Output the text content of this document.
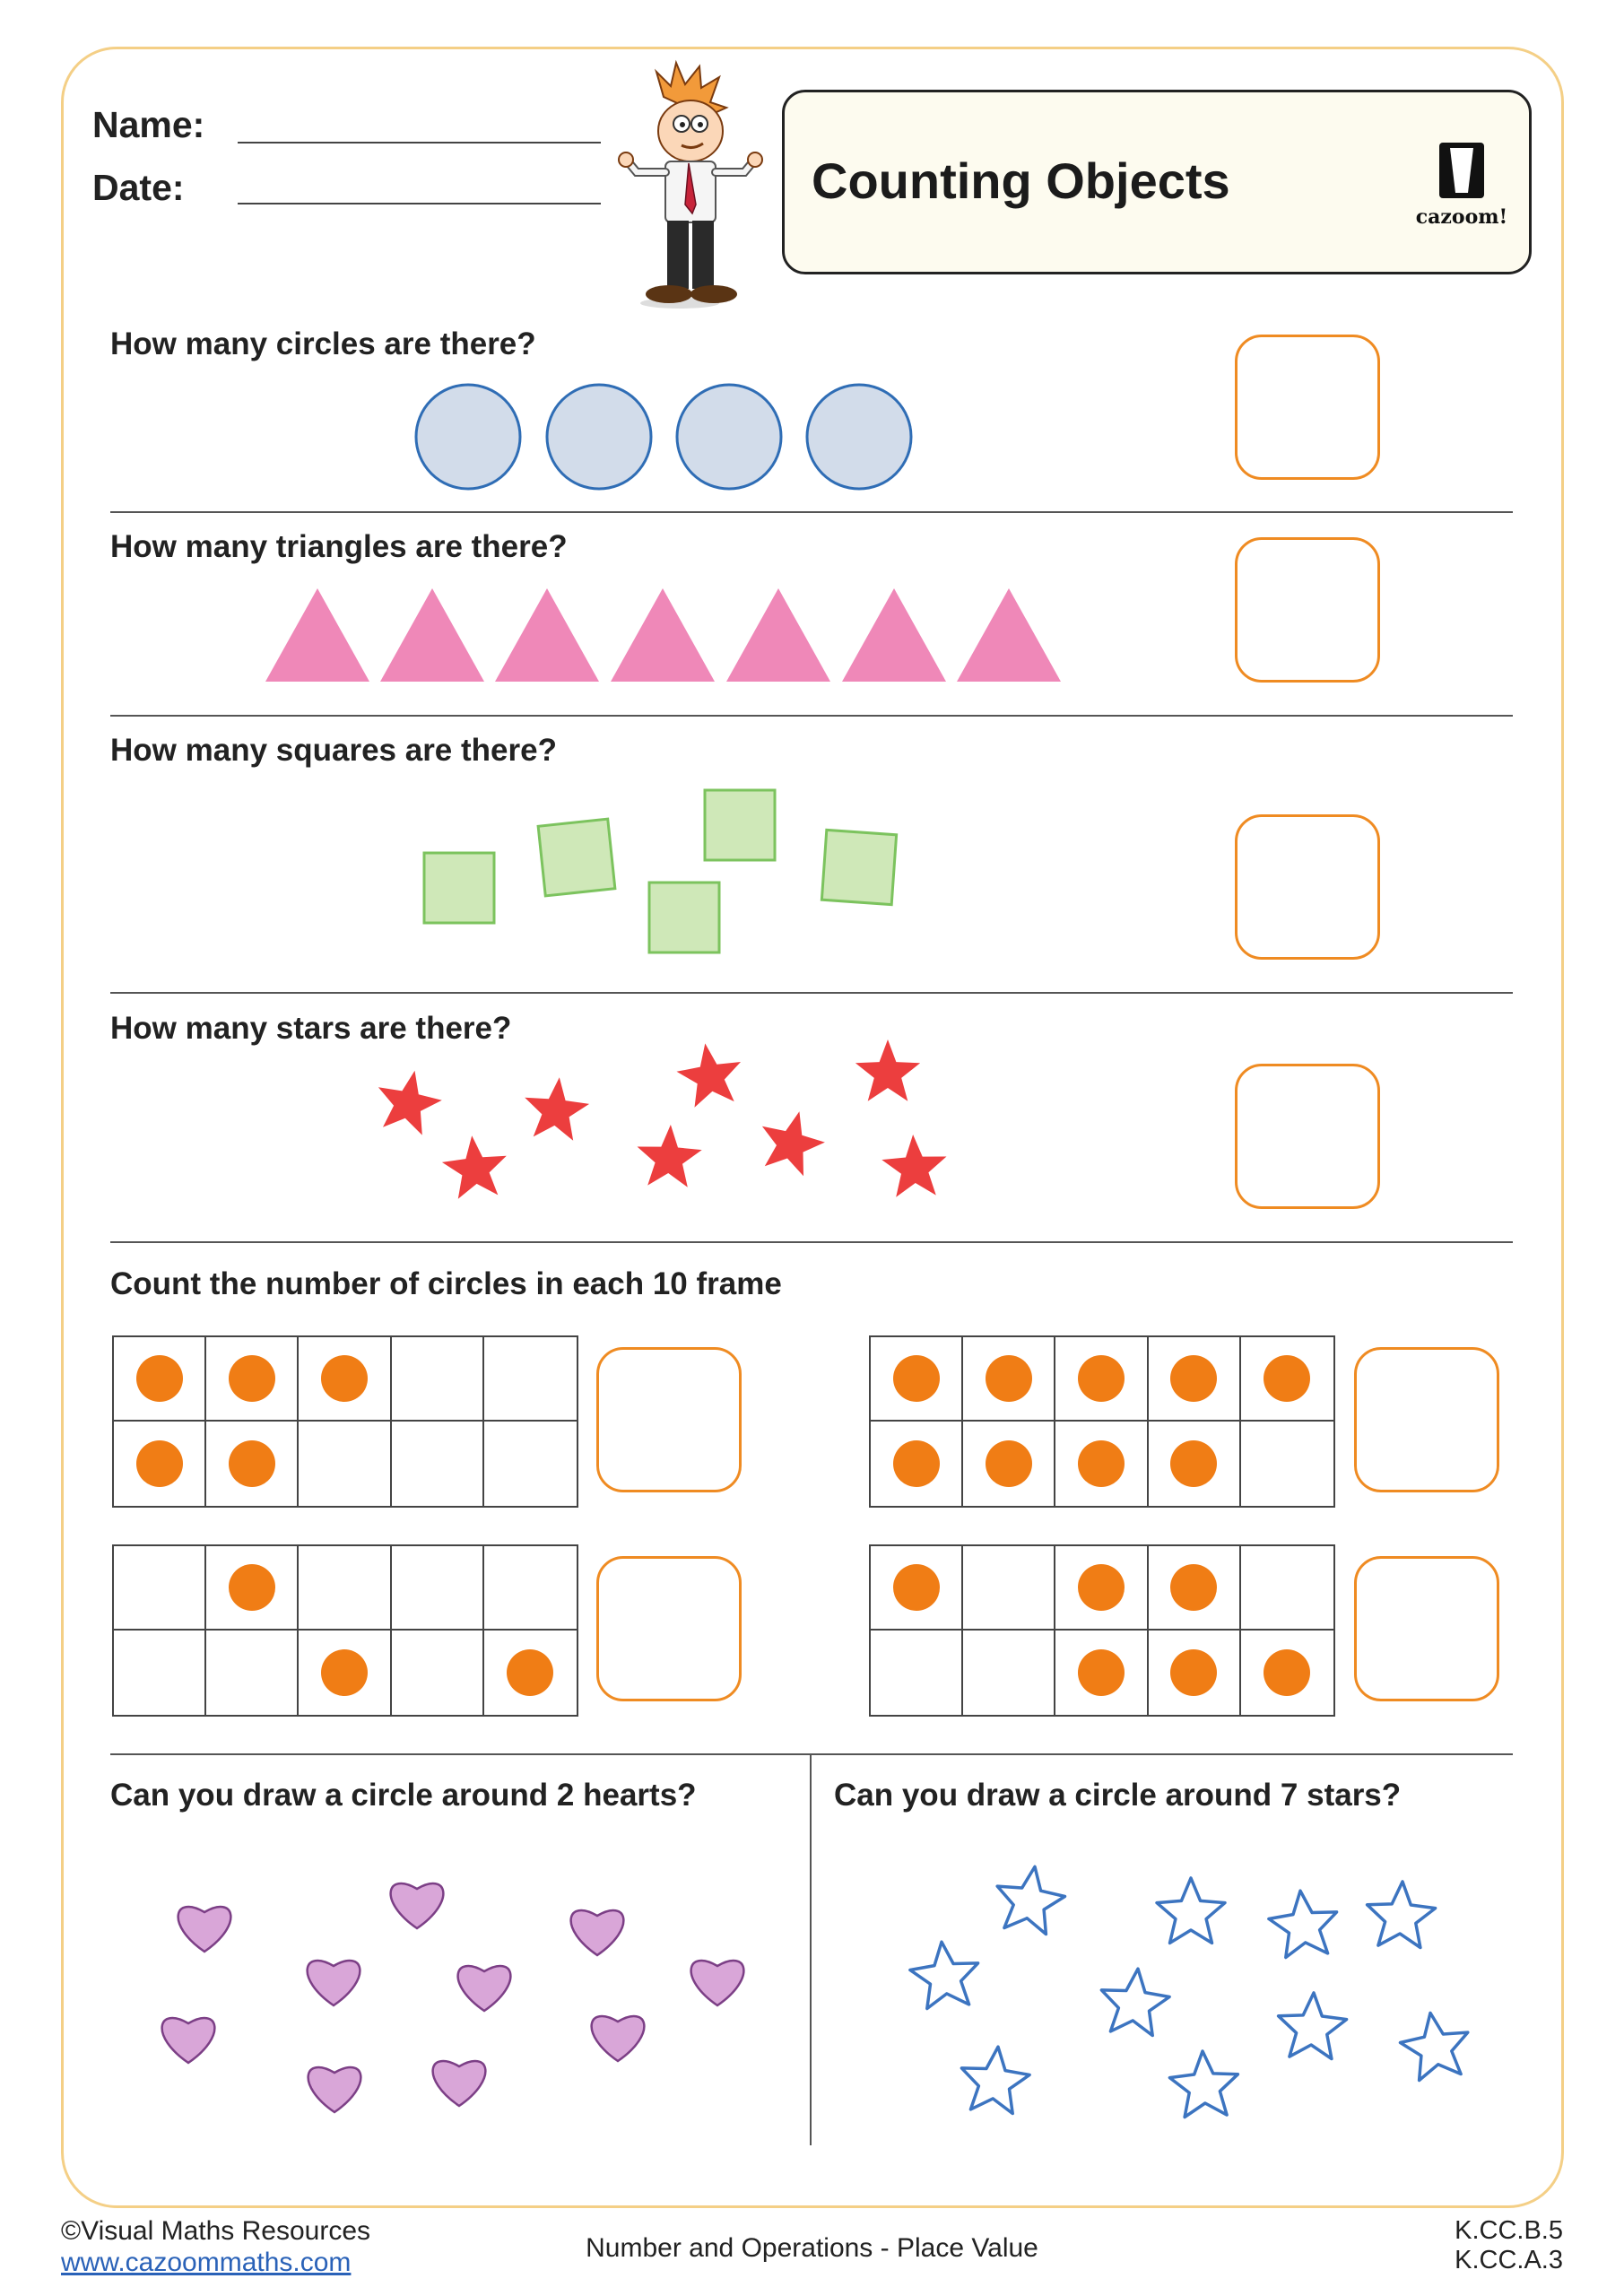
Name:
Date:	Counting Objects
cazoom!
How many circles are there?
How many triangles are there?
How many squares are there?
How many stars are there?
Count the number of circles in each 10 frame
Can you draw a circle around 2 hearts?	Can you draw a circle around 7 stars?
©Visual Maths Resources
www.cazoommaths.com	Number and Operations - Place Value
K.CC.B.5
K.CC.A.3
